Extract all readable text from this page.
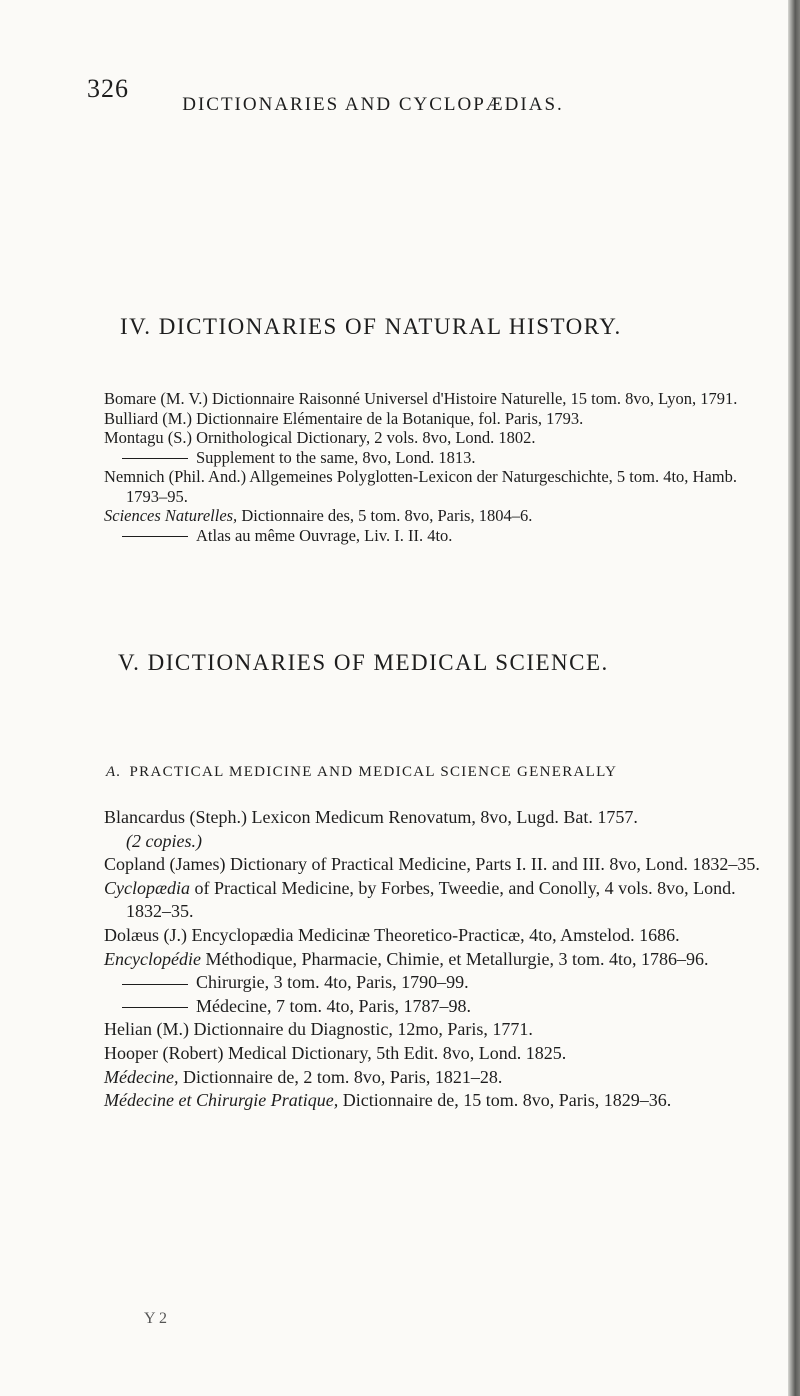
326
DICTIONARIES AND CYCLOPÆDIAS.
IV. DICTIONARIES OF NATURAL HISTORY.

Bomare (M. V.) Dictionnaire Raisonné Universel d'Histoire Naturelle, 15 tom. 8vo, Lyon, 1791.

Bulliard (M.) Dictionnaire Elémentaire de la Botanique, fol. Paris, 1793.

Montagu (S.) Ornithological Dictionary, 2 vols. 8vo, Lond. 1802.

Supplement to the same, 8vo, Lond. 1813.

Nemnich (Phil. And.) Allgemeines Polyglotten-Lexicon der Naturgeschichte, 5 tom. 4to, Hamb. 1793–95.

Sciences Naturelles, Dictionnaire des, 5 tom. 8vo, Paris, 1804–6.

Atlas au même Ouvrage, Liv. I. II. 4to.

V. DICTIONARIES OF MEDICAL SCIENCE.
A. PRACTICAL MEDICINE AND MEDICAL SCIENCE GENERALLY

Blancardus (Steph.) Lexicon Medicum Renovatum, 8vo, Lugd. Bat. 1757.
(2 copies.)

Copland (James) Dictionary of Practical Medicine, Parts I. II. and III. 8vo, Lond. 1832–35.

Cyclopædia of Practical Medicine, by Forbes, Tweedie, and Conolly, 4 vols. 8vo, Lond. 1832–35.

Dolæus (J.) Encyclopædia Medicinæ Theoretico-Practicæ, 4to, Amstelod. 1686.

Encyclopédie Méthodique, Pharmacie, Chimie, et Metallurgie, 3 tom. 4to, 1786–96.

Chirurgie, 3 tom. 4to, Paris, 1790–99.

Médecine, 7 tom. 4to, Paris, 1787–98.

Helian (M.) Dictionnaire du Diagnostic, 12mo, Paris, 1771.

Hooper (Robert) Medical Dictionary, 5th Edit. 8vo, Lond. 1825.

Médecine, Dictionnaire de, 2 tom. 8vo, Paris, 1821–28.

Médecine et Chirurgie Pratique, Dictionnaire de, 15 tom. 8vo, Paris, 1829–36.

Y 2
